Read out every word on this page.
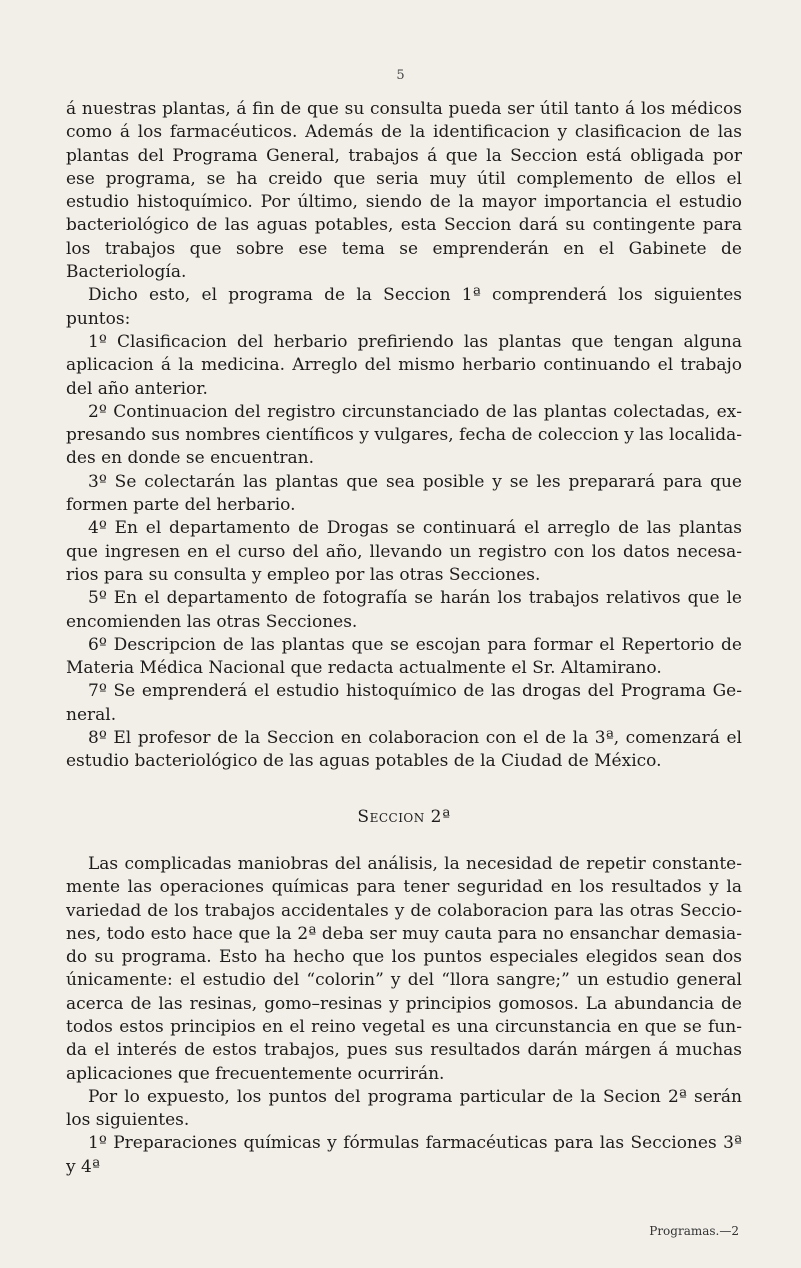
5

á nuestras plantas, á fin de que su consulta pueda ser útil tanto á los médicos como á los farmacéuticos. Además de la identificacion y clasificacion de las plantas del Programa General, trabajos á que la Seccion está obligada por ese programa, se ha creido que seria muy útil complemento de ellos el estudio histoquímico. Por último, siendo de la mayor importancia el estudio bacteriológico de las aguas potables, esta Seccion dará su contingente para los trabajos que sobre ese tema se emprenderán en el Gabinete de Bacteriología.

Dicho esto, el programa de la Seccion 1ª comprenderá los siguientes puntos:

1º Clasificacion del herbario prefiriendo las plantas que tengan alguna aplicacion á la medicina. Arreglo del mismo herbario continuando el trabajo del año anterior.

2º Continuacion del registro circunstanciado de las plantas colectadas, expresando sus nombres científicos y vulgares, fecha de coleccion y las localidades en donde se encuentran.

3º Se colectarán las plantas que sea posible y se les preparará para que formen parte del herbario.

4º En el departamento de Drogas se continuará el arreglo de las plantas que ingresen en el curso del año, llevando un registro con los datos necesarios para su consulta y empleo por las otras Secciones.

5º En el departamento de fotografía se harán los trabajos relativos que le encomienden las otras Secciones.

6º Descripcion de las plantas que se escojan para formar el Repertorio de Materia Médica Nacional que redacta actualmente el Sr. Altamirano.

7º Se emprenderá el estudio histoquímico de las drogas del Programa General.

8º El profesor de la Seccion en colaboracion con el de la 3ª, comenzará el estudio bacteriológico de las aguas potables de la Ciudad de México.

Seccion 2ª

Las complicadas maniobras del análisis, la necesidad de repetir constantemente las operaciones químicas para tener seguridad en los resultados y la variedad de los trabajos accidentales y de colaboracion para las otras Secciones, todo esto hace que la 2ª deba ser muy cauta para no ensanchar demasiado su programa. Esto ha hecho que los puntos especiales elegidos sean dos únicamente: el estudio del “colorin” y del “llora sangre;” un estudio general acerca de las resinas, gomo–resinas y principios gomosos. La abundancia de todos estos principios en el reino vegetal es una circunstancia en que se funda el interés de estos trabajos, pues sus resultados darán márgen á muchas aplicaciones que frecuentemente ocurrirán.

Por lo expuesto, los puntos del programa particular de la Secion 2ª serán los siguientes.

1º Preparaciones químicas y fórmulas farmacéuticas para las Secciones 3ª y 4ª

Programas.—2
